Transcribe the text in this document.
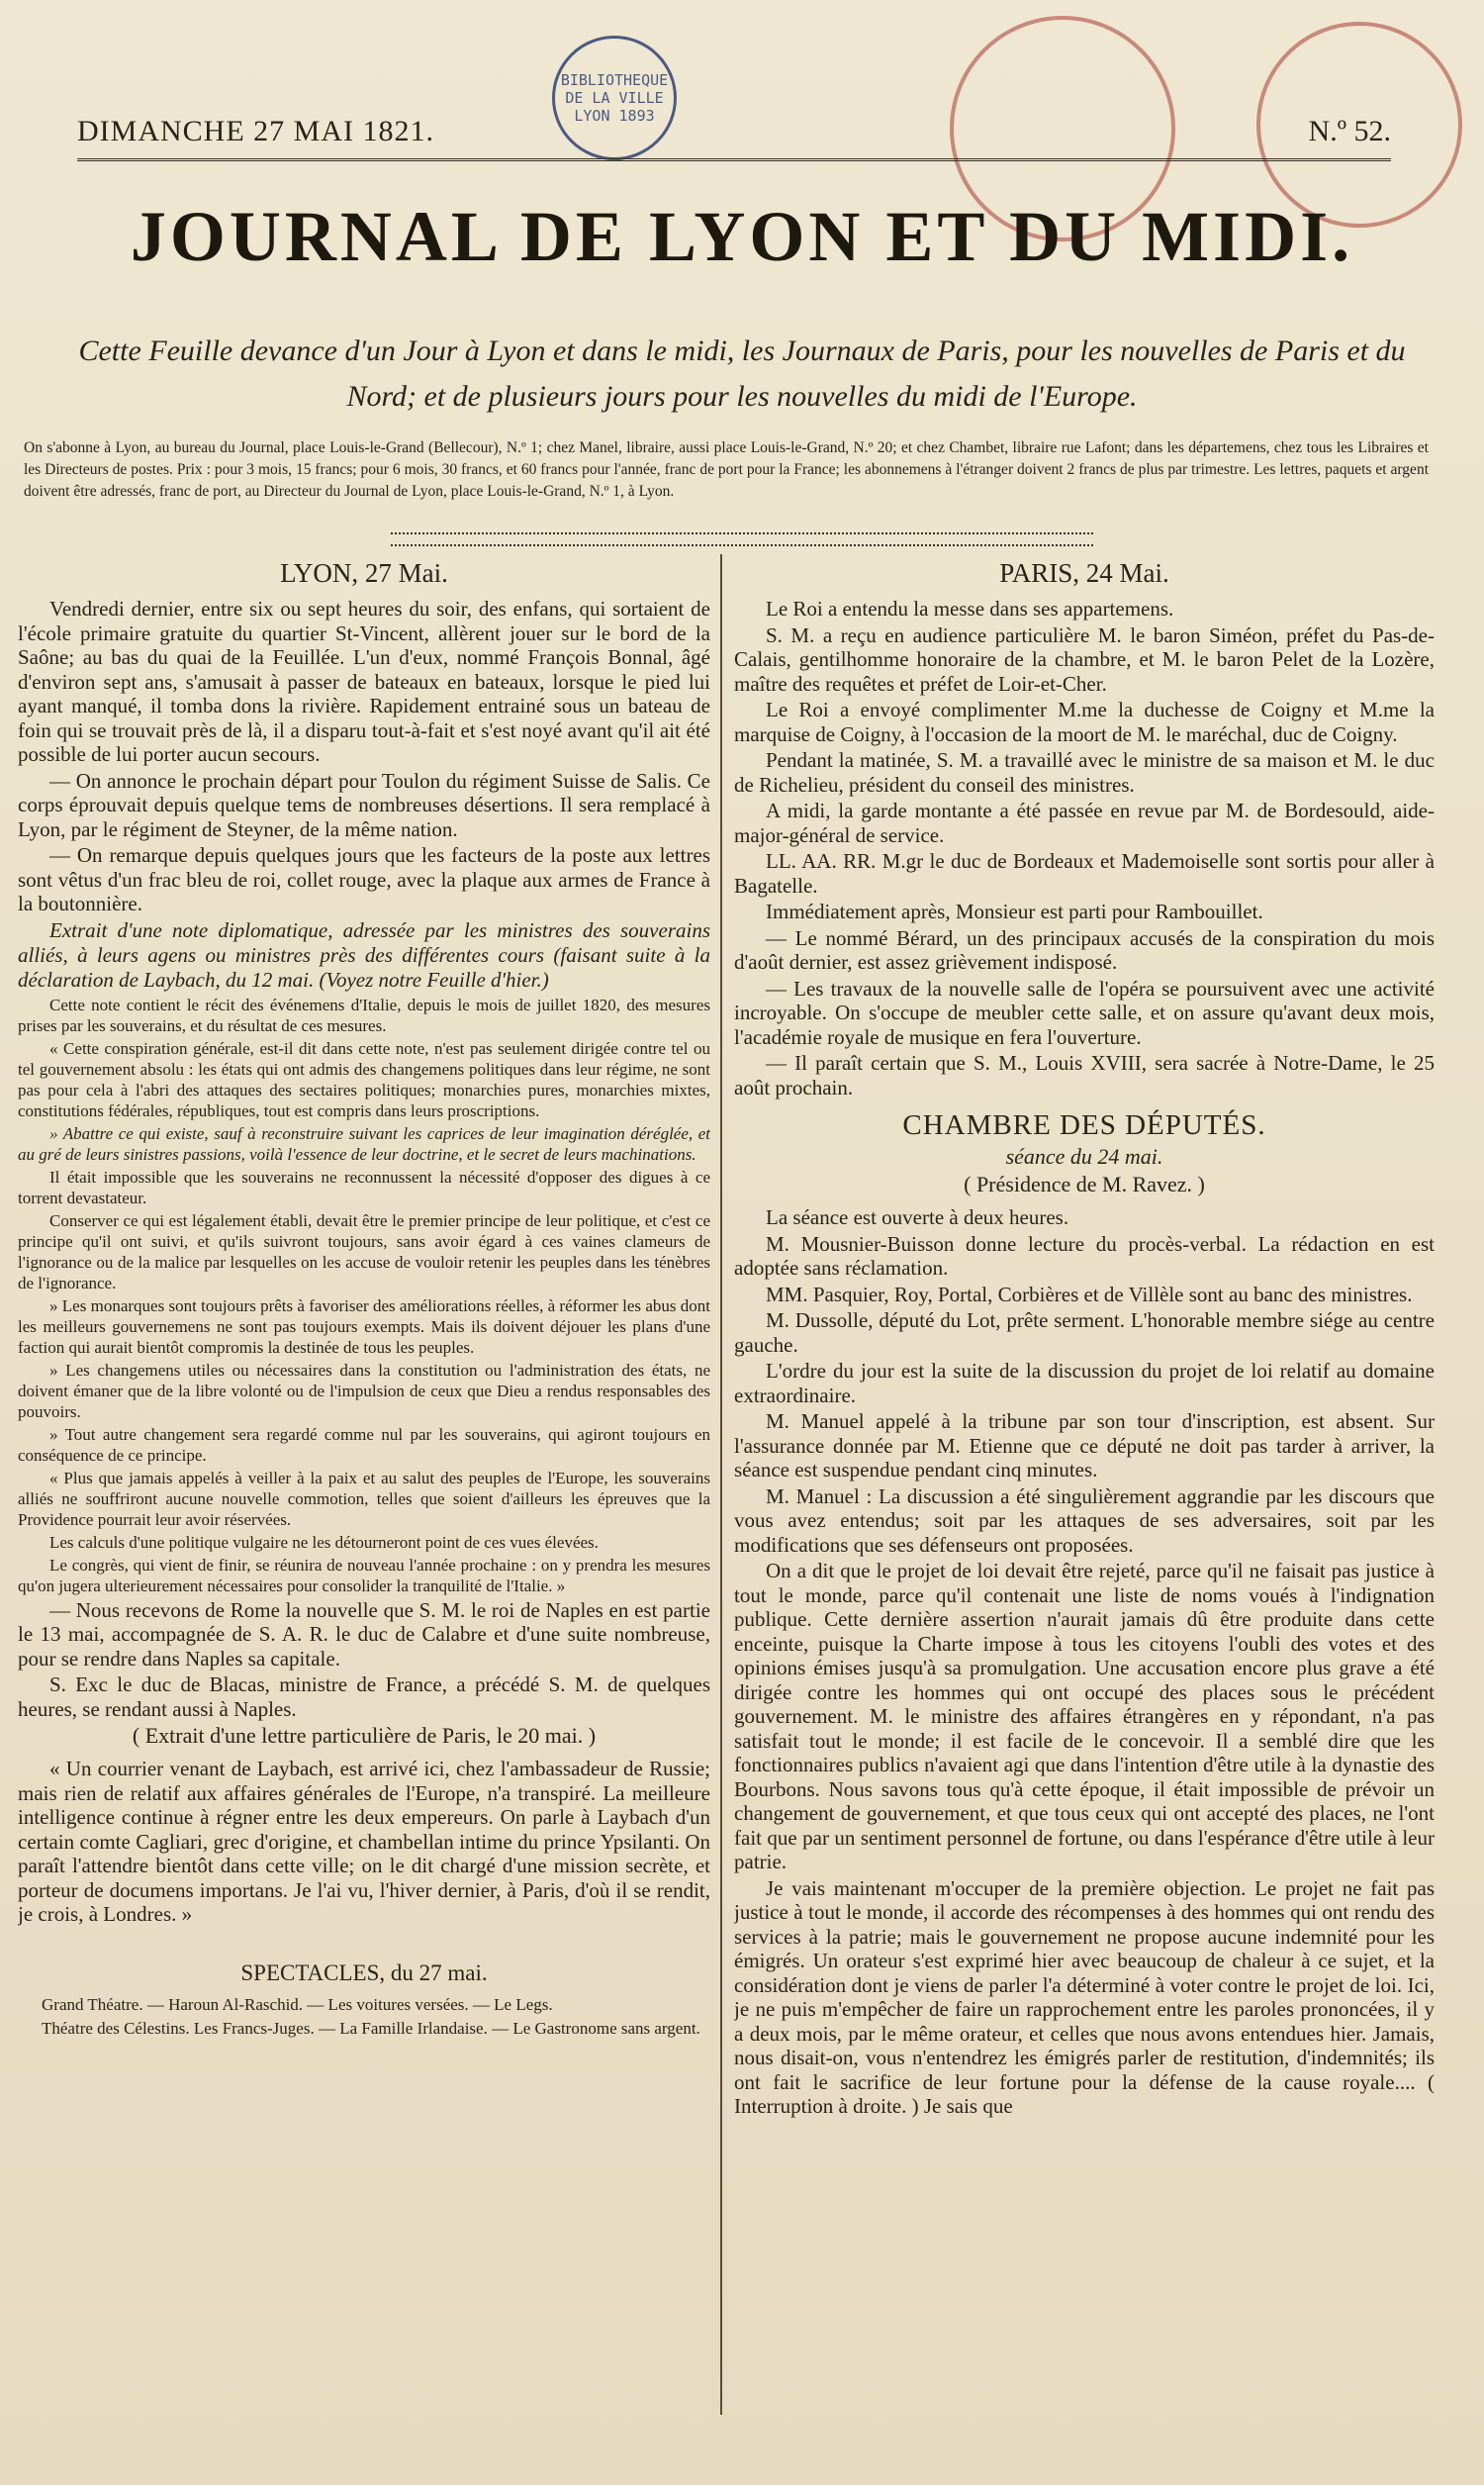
BIBLIOTHEQUE DE LA VILLE LYON 1893
DIMANCHE 27 MAI 1821.	N.º 52.
JOURNAL DE LYON ET DU MIDI.
Cette Feuille devance d'un Jour à Lyon et dans le midi, les Journaux de Paris, pour les nouvelles de Paris et du Nord; et de plusieurs jours pour les nouvelles du midi de l'Europe.
On s'abonne à Lyon, au bureau du Journal, place Louis-le-Grand (Bellecour), N.º 1; chez Manel, libraire, aussi place Louis-le-Grand, N.º 20; et chez Chambet, libraire rue Lafont; dans les départemens, chez tous les Libraires et les Directeurs de postes. Prix : pour 3 mois, 15 francs; pour 6 mois, 30 francs, et 60 francs pour l'année, franc de port pour la France; les abonnemens à l'étranger doivent 2 francs de plus par trimestre. Les lettres, paquets et argent doivent être adressés, franc de port, au Directeur du Journal de Lyon, place Louis-le-Grand, N.º 1, à Lyon.
LYON, 27 Mai.

Vendredi dernier, entre six ou sept heures du soir, des enfans, qui sortaient de l'école primaire gratuite du quartier St-Vincent, allèrent jouer sur le bord de la Saône; au bas du quai de la Feuillée. L'un d'eux, nommé François Bonnal, âgé d'environ sept ans, s'amusait à passer de bateaux en bateaux, lorsque le pied lui ayant manqué, il tomba dons la rivière. Rapidement entrainé sous un bateau de foin qui se trouvait près de là, il a disparu tout-à-fait et s'est noyé avant qu'il ait été possible de lui porter aucun secours.

— On annonce le prochain départ pour Toulon du régiment Suisse de Salis. Ce corps éprouvait depuis quelque tems de nombreuses désertions. Il sera remplacé à Lyon, par le régiment de Steyner, de la même nation.

— On remarque depuis quelques jours que les facteurs de la poste aux lettres sont vêtus d'un frac bleu de roi, collet rouge, avec la plaque aux armes de France à la boutonnière.

Extrait d'une note diplomatique, adressée par les ministres des souverains alliés, à leurs agens ou ministres près des différentes cours (faisant suite à la déclaration de Laybach, du 12 mai. (Voyez notre Feuille d'hier.)

Cette note contient le récit des événemens d'Italie, depuis le mois de juillet 1820, des mesures prises par les souverains, et du résultat de ces mesures.

« Cette conspiration générale, est-il dit dans cette note, n'est pas seulement dirigée contre tel ou tel gouvernement absolu : les états qui ont admis des changemens politiques dans leur régime, ne sont pas pour cela à l'abri des attaques des sectaires politiques; monarchies pures, monarchies mixtes, constitutions fédérales, républiques, tout est compris dans leurs proscriptions.

» Abattre ce qui existe, sauf à reconstruire suivant les caprices de leur imagination déréglée, et au gré de leurs sinistres passions, voilà l'essence de leur doctrine, et le secret de leurs machinations.

Il était impossible que les souverains ne reconnussent la nécessité d'opposer des digues à ce torrent devastateur.

Conserver ce qui est légalement établi, devait être le premier principe de leur politique, et c'est ce principe qu'il ont suivi, et qu'ils suivront toujours, sans avoir égard à ces vaines clameurs de l'ignorance ou de la malice par lesquelles on les accuse de vouloir retenir les peuples dans les ténèbres de l'ignorance.

» Les monarques sont toujours prêts à favoriser des améliorations réelles, à réformer les abus dont les meilleurs gouvernemens ne sont pas toujours exempts. Mais ils doivent déjouer les plans d'une faction qui aurait bientôt compromis la destinée de tous les peuples.

» Les changemens utiles ou nécessaires dans la constitution ou l'administration des états, ne doivent émaner que de la libre volonté ou de l'impulsion de ceux que Dieu a rendus responsables des pouvoirs.

» Tout autre changement sera regardé comme nul par les souverains, qui agiront toujours en conséquence de ce principe.

« Plus que jamais appelés à veiller à la paix et au salut des peuples de l'Europe, les souverains alliés ne souffriront aucune nouvelle commotion, telles que soient d'ailleurs les épreuves que la Providence pourrait leur avoir réservées.

Les calculs d'une politique vulgaire ne les détourneront point de ces vues élevées.

Le congrès, qui vient de finir, se réunira de nouveau l'année prochaine : on y prendra les mesures qu'on jugera ulterieurement nécessaires pour consolider la tranquilité de l'Italie. »

— Nous recevons de Rome la nouvelle que S. M. le roi de Naples en est partie le 13 mai, accompagnée de S. A. R. le duc de Calabre et d'une suite nombreuse, pour se rendre dans Naples sa capitale.

S. Exc le duc de Blacas, ministre de France, a précédé S. M. de quelques heures, se rendant aussi à Naples.

( Extrait d'une lettre particulière de Paris, le 20 mai. )

« Un courrier venant de Laybach, est arrivé ici, chez l'ambassadeur de Russie; mais rien de relatif aux affaires générales de l'Europe, n'a transpiré. La meilleure intelligence continue à régner entre les deux empereurs. On parle à Laybach d'un certain comte Cagliari, grec d'origine, et chambellan intime du prince Ypsilanti. On paraît l'attendre bientôt dans cette ville; on le dit chargé d'une mission secrète, et porteur de documens importans. Je l'ai vu, l'hiver dernier, à Paris, d'où il se rendit, je crois, à Londres. »

SPECTACLES, du 27 mai.

Grand Théatre. — Haroun Al-Raschid. — Les voitures versées. — Le Legs.

Théatre des Célestins. Les Francs-Juges. — La Famille Irlandaise. — Le Gastronome sans argent.

PARIS, 24 Mai.

Le Roi a entendu la messe dans ses appartemens.

S. M. a reçu en audience particulière M. le baron Siméon, préfet du Pas-de-Calais, gentilhomme honoraire de la chambre, et M. le baron Pelet de la Lozère, maître des requêtes et préfet de Loir-et-Cher.

Le Roi a envoyé complimenter M.me la duchesse de Coigny et M.me la marquise de Coigny, à l'occasion de la moort de M. le maréchal, duc de Coigny.

Pendant la matinée, S. M. a travaillé avec le ministre de sa maison et M. le duc de Richelieu, président du conseil des ministres.

A midi, la garde montante a été passée en revue par M. de Bordesould, aide-major-général de service.

LL. AA. RR. M.gr le duc de Bordeaux et Mademoiselle sont sortis pour aller à Bagatelle.

Immédiatement après, Monsieur est parti pour Rambouillet.

— Le nommé Bérard, un des principaux accusés de la conspiration du mois d'août dernier, est assez grièvement indisposé.

— Les travaux de la nouvelle salle de l'opéra se poursuivent avec une activité incroyable. On s'occupe de meubler cette salle, et on assure qu'avant deux mois, l'académie royale de musique en fera l'ouverture.

— Il paraît certain que S. M., Louis XVIII, sera sacrée à Notre-Dame, le 25 août prochain.

CHAMBRE DES DÉPUTÉS.
séance du 24 mai.
( Présidence de M. Ravez. )

La séance est ouverte à deux heures.

M. Mousnier-Buisson donne lecture du procès-verbal. La rédaction en est adoptée sans réclamation.

MM. Pasquier, Roy, Portal, Corbières et de Villèle sont au banc des ministres.

M. Dussolle, député du Lot, prête serment. L'honorable membre siége au centre gauche.

L'ordre du jour est la suite de la discussion du projet de loi relatif au domaine extraordinaire.

M. Manuel appelé à la tribune par son tour d'inscription, est absent. Sur l'assurance donnée par M. Etienne que ce député ne doit pas tarder à arriver, la séance est suspendue pendant cinq minutes.

M. Manuel : La discussion a été singulièrement aggrandie par les discours que vous avez entendus; soit par les attaques de ses adversaires, soit par les modifications que ses défenseurs ont proposées.

On a dit que le projet de loi devait être rejeté, parce qu'il ne faisait pas justice à tout le monde, parce qu'il contenait une liste de noms voués à l'indignation publique. Cette dernière assertion n'aurait jamais dû être produite dans cette enceinte, puisque la Charte impose à tous les citoyens l'oubli des votes et des opinions émises jusqu'à sa promulgation. Une accusation encore plus grave a été dirigée contre les hommes qui ont occupé des places sous le précédent gouvernement. M. le ministre des affaires étrangères en y répondant, n'a pas satisfait tout le monde; il est facile de le concevoir. Il a semblé dire que les fonctionnaires publics n'avaient agi que dans l'intention d'être utile à la dynastie des Bourbons. Nous savons tous qu'à cette époque, il était impossible de prévoir un changement de gouvernement, et que tous ceux qui ont accepté des places, ne l'ont fait que par un sentiment personnel de fortune, ou dans l'espérance d'être utile à leur patrie.

Je vais maintenant m'occuper de la première objection. Le projet ne fait pas justice à tout le monde, il accorde des récompenses à des hommes qui ont rendu des services à la patrie; mais le gouvernement ne propose aucune indemnité pour les émigrés. Un orateur s'est exprimé hier avec beaucoup de chaleur à ce sujet, et la considération dont je viens de parler l'a déterminé à voter contre le projet de loi. Ici, je ne puis m'empêcher de faire un rapprochement entre les paroles prononcées, il y a deux mois, par le même orateur, et celles que nous avons entendues hier. Jamais, nous disait-on, vous n'entendrez les émigrés parler de restitution, d'indemnités; ils ont fait le sacrifice de leur fortune pour la défense de la cause royale.... ( Interruption à droite. ) Je sais que
